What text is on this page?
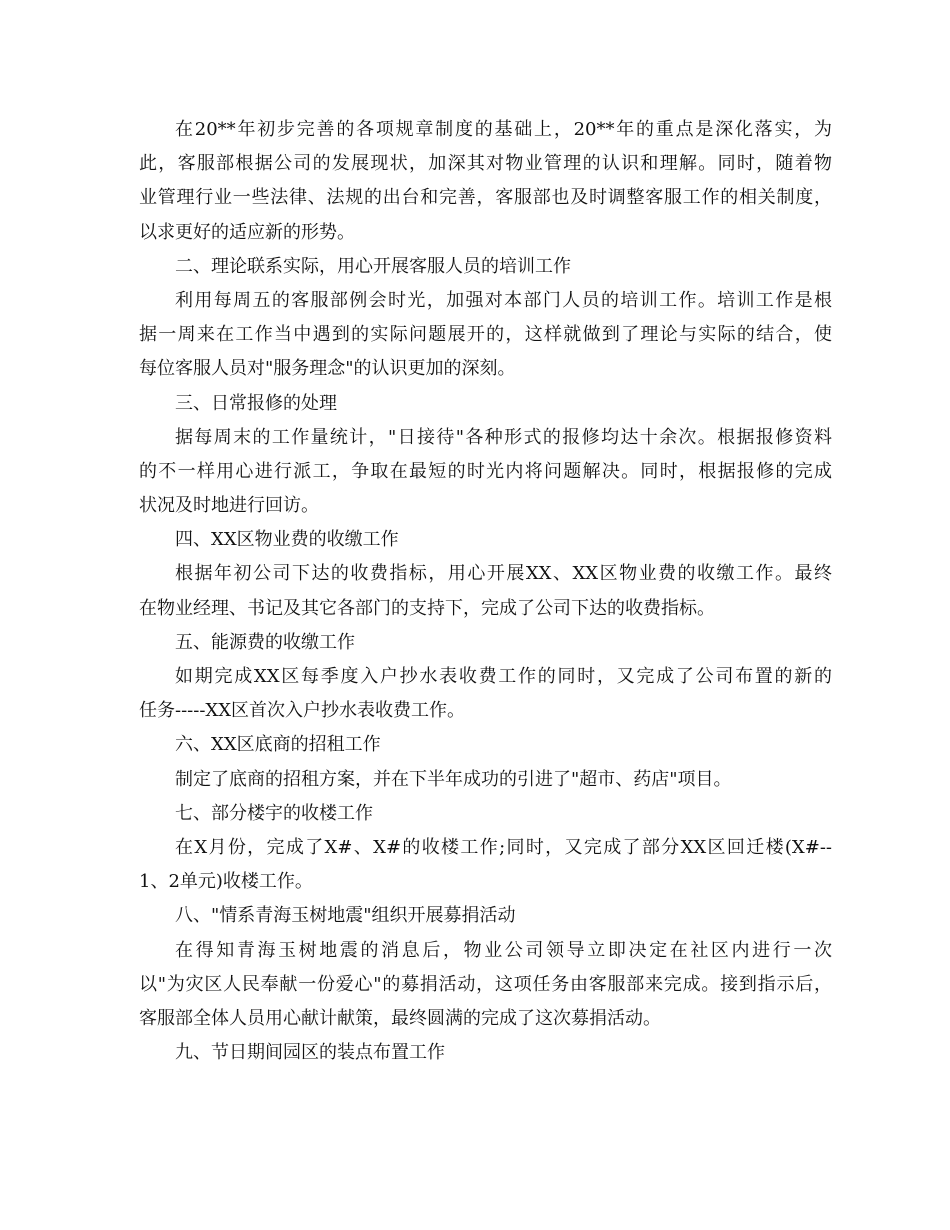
在20**年初步完善的各项规章制度的基础上，20**年的重点是深化落实，为
此，客服部根据公司的发展现状，加深其对物业管理的认识和理解。同时，随着物
业管理行业一些法律、法规的出台和完善，客服部也及时调整客服工作的相关制度，
以求更好的适应新的形势。
二、理论联系实际，用心开展客服人员的培训工作
利用每周五的客服部例会时光，加强对本部门人员的培训工作。培训工作是根
据一周来在工作当中遇到的实际问题展开的，这样就做到了理论与实际的结合，使
每位客服人员对"服务理念"的认识更加的深刻。
三、日常报修的处理
据每周末的工作量统计，"日接待"各种形式的报修均达十余次。根据报修资料
的不一样用心进行派工，争取在最短的时光内将问题解决。同时，根据报修的完成
状况及时地进行回访。
四、XX区物业费的收缴工作
根据年初公司下达的收费指标，用心开展XX、XX区物业费的收缴工作。最终
在物业经理、书记及其它各部门的支持下，完成了公司下达的收费指标。
五、能源费的收缴工作
如期完成XX区每季度入户抄水表收费工作的同时，又完成了公司布置的新的
任务-----XX区首次入户抄水表收费工作。
六、XX区底商的招租工作
制定了底商的招租方案，并在下半年成功的引进了"超市、药店"项目。
七、部分楼宇的收楼工作
在X月份，完成了X#、X#的收楼工作;同时，又完成了部分XX区回迁楼(X#--
1、2单元)收楼工作。
八、"情系青海玉树地震"组织开展募捐活动
在得知青海玉树地震的消息后，物业公司领导立即决定在社区内进行一次
以"为灾区人民奉献一份爱心"的募捐活动，这项任务由客服部来完成。接到指示后，
客服部全体人员用心献计献策，最终圆满的完成了这次募捐活动。
九、节日期间园区的装点布置工作
